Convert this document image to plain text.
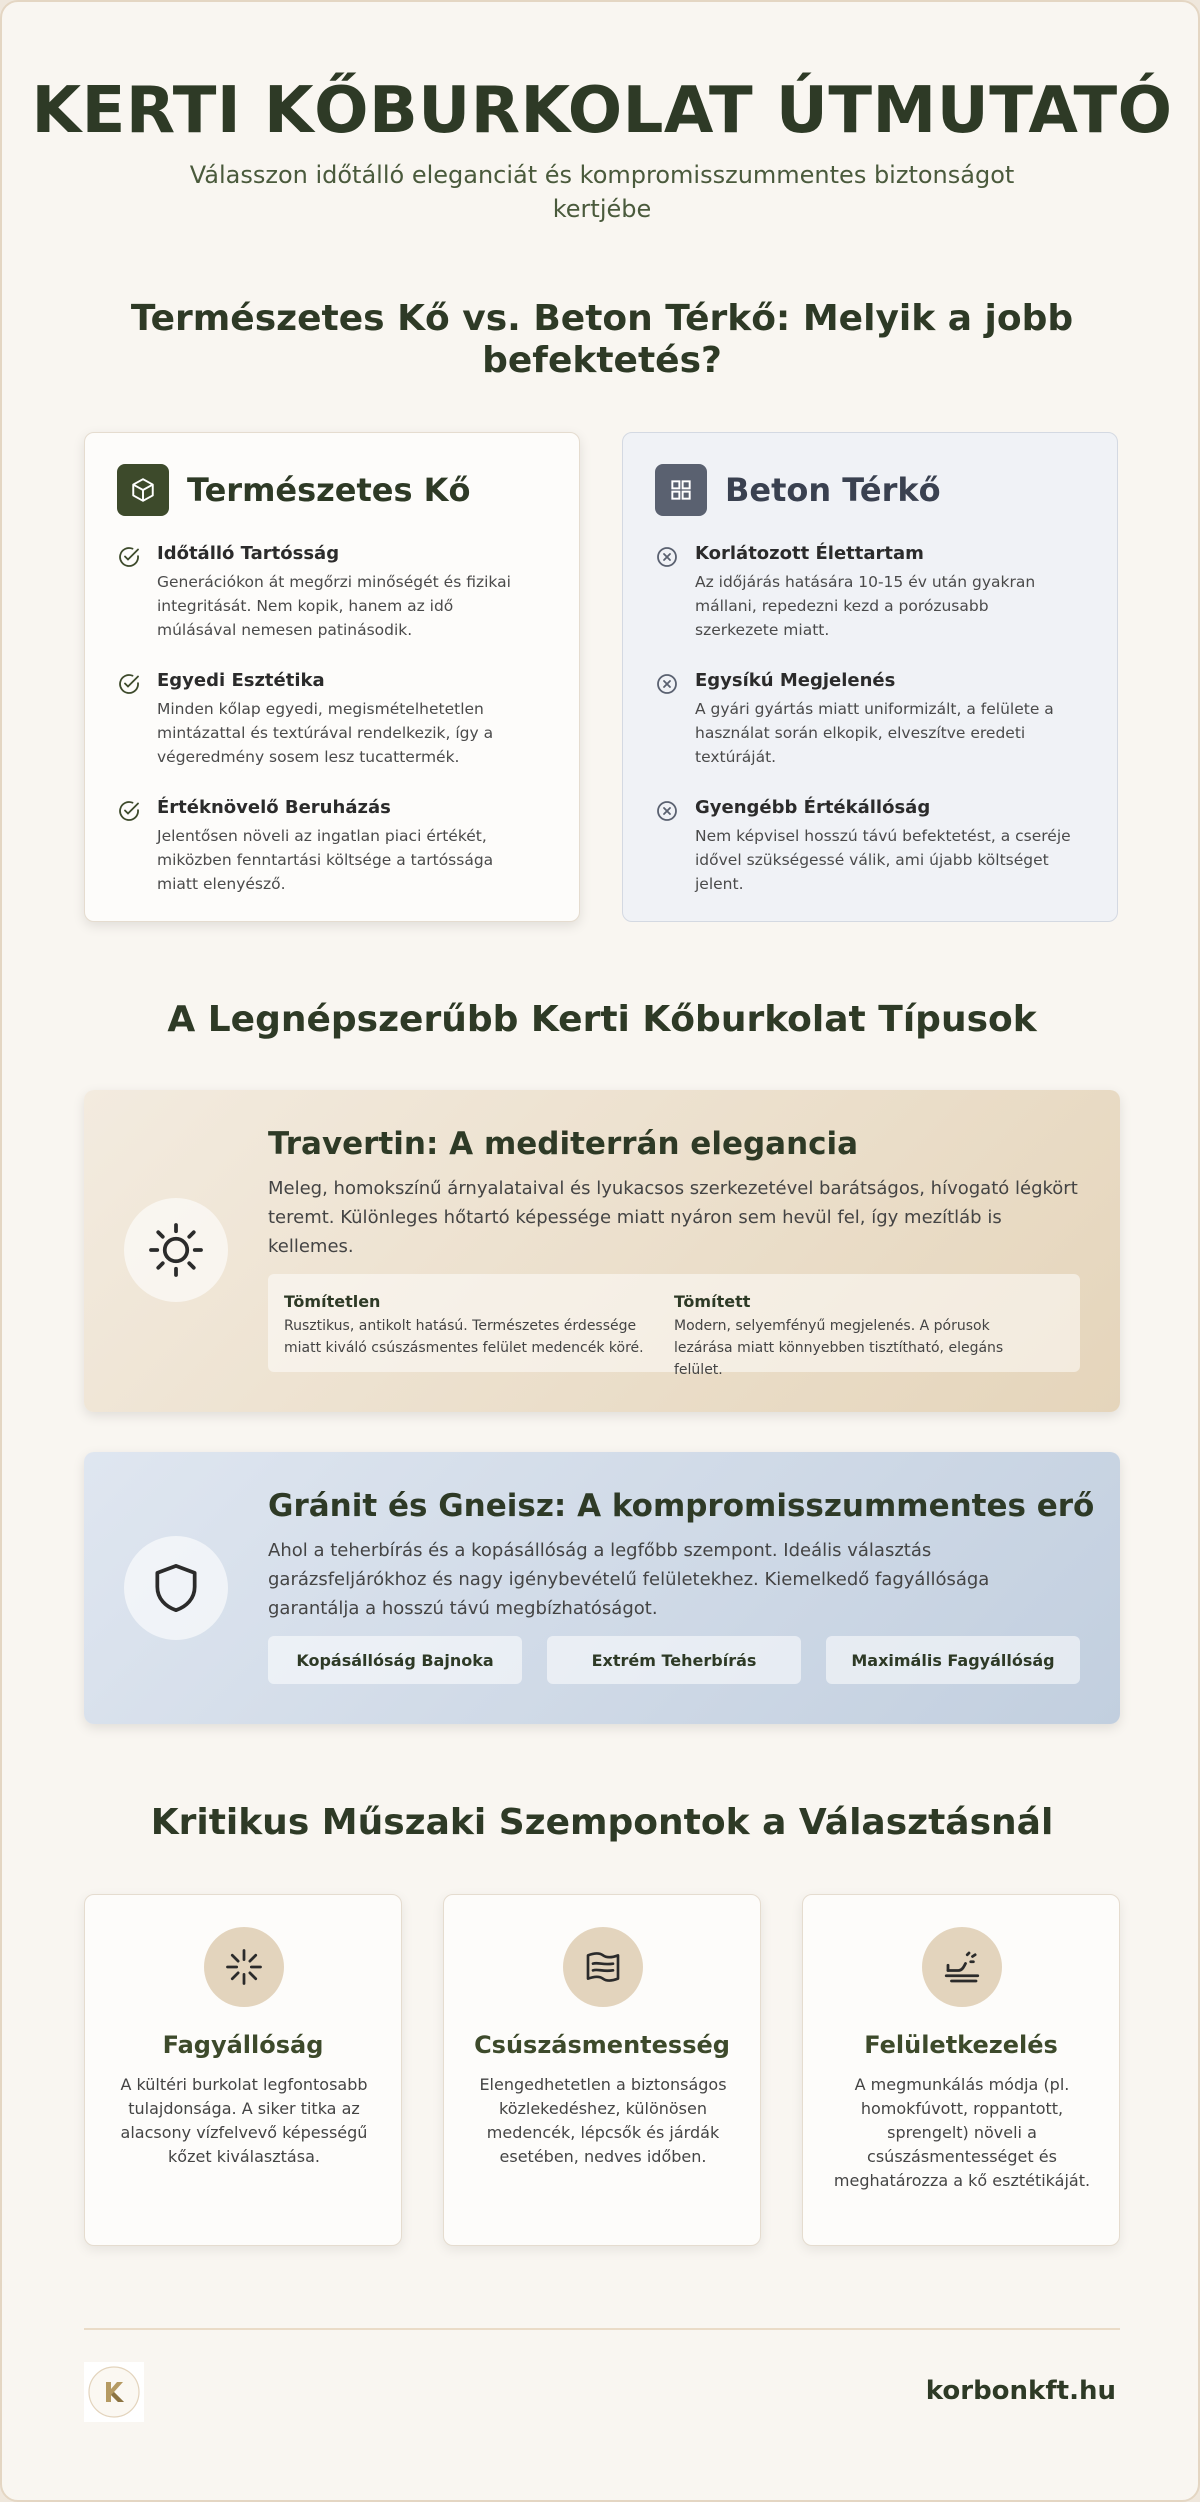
KERTI KŐBURKOLAT ÚTMUTATÓ

Válasszon időtálló eleganciát és kompromisszummentes biztonságot kertjébe

Természetes Kő vs. Beton Térkő: Melyik a jobb befektetés?
Természetes Kő
Időtálló Tartósság
Generációkon át megőrzi minőségét és fizikai integritását. Nem kopik, hanem az idő múlásával nemesen patinásodik.
Egyedi Esztétika
Minden kőlap egyedi, megismételhetetlen mintázattal és textúrával rendelkezik, így a végeredmény sosem lesz tucattermék.
Értéknövelő Beruházás
Jelentősen növeli az ingatlan piaci értékét, miközben fenntartási költsége a tartóssága miatt elenyésző.
Beton Térkő
Korlátozott Élettartam
Az időjárás hatására 10-15 év után gyakran mállani, repedezni kezd a porózusabb szerkezete miatt.
Egysíkú Megjelenés
A gyári gyártás miatt uniformizált, a felülete a használat során elkopik, elveszítve eredeti textúráját.
Gyengébb Értékállóság
Nem képvisel hosszú távú befektetést, a cseréje idővel szükségessé válik, ami újabb költséget jelent.
A Legnépszerűbb Kerti Kőburkolat Típusok
Travertin: A mediterrán elegancia
Meleg, homokszínű árnyalataival és lyukacsos szerkezetével barátságos, hívogató légkört teremt. Különleges hőtartó képessége miatt nyáron sem hevül fel, így mezítláb is kellemes.
Tömítetlen
Rusztikus, antikolt hatású. Természetes érdessége miatt kiváló csúszásmentes felület medencék köré.
Tömített
Modern, selyemfényű megjelenés. A pórusok lezárása miatt könnyebben tisztítható, elegáns felület.
Gránit és Gneisz: A kompromisszummentes erő
Ahol a teherbírás és a kopásállóság a legfőbb szempont. Ideális választás garázsfeljárókhoz és nagy igénybevételű felületekhez. Kiemelkedő fagyállósága garantálja a hosszú távú megbízhatóságot.
Kopásállóság Bajnoka	Extrém Teherbírás	Maximális Fagyállóság
Kritikus Műszaki Szempontok a Választásnál
Fagyállóság
A kültéri burkolat legfontosabb tulajdonsága. A siker titka az alacsony vízfelvevő képességű kőzet kiválasztása.
Csúszásmentesség
Elengedhetetlen a biztonságos közlekedéshez, különösen medencék, lépcsők és járdák esetében, nedves időben.
Felületkezelés
A megmunkálás módja (pl. homokfúvott, roppantott, sprengelt) növeli a csúszásmentességet és meghatározza a kő esztétikáját.
korbonkft.hu
